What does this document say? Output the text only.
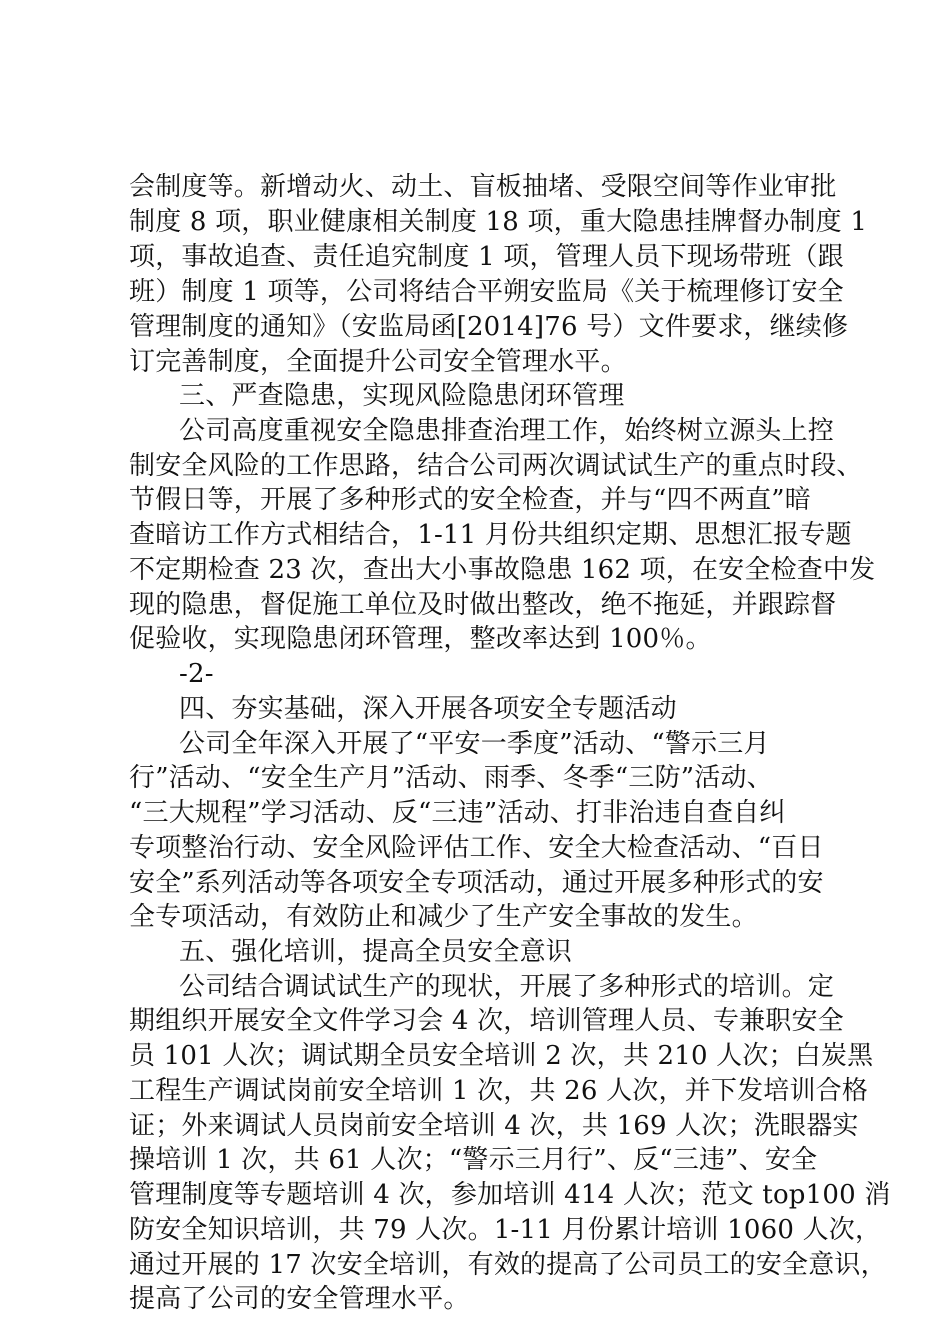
会制度等。新增动火、动土、盲板抽堵、受限空间等作业审批
制度 8 项，职业健康相关制度 18 项，重大隐患挂牌督办制度 1
项，事故追查、责任追究制度 1 项，管理人员下现场带班（跟
班）制度 1 项等，公司将结合平朔安监局《关于梳理修订安全
管理制度的通知》（安监局函[2014]76 号）文件要求，继续修
订完善制度，全面提升公司安全管理水平。
三、严查隐患，实现风险隐患闭环管理
公司高度重视安全隐患排查治理工作，始终树立源头上控
制安全风险的工作思路，结合公司两次调试试生产的重点时段、
节假日等，开展了多种形式的安全检查，并与“四不两直”暗
查暗访工作方式相结合，1-11 月份共组织定期、思想汇报专题
不定期检查 23 次，查出大小事故隐患 162 项，在安全检查中发
现的隐患，督促施工单位及时做出整改，绝不拖延，并跟踪督
促验收，实现隐患闭环管理，整改率达到 100％。
-2-
四、夯实基础，深入开展各项安全专题活动
公司全年深入开展了“平安一季度”活动、“警示三月
行”活动、“安全生产月”活动、雨季、冬季“三防”活动、
“三大规程”学习活动、反“三违”活动、打非治违自查自纠
专项整治行动、安全风险评估工作、安全大检查活动、“百日
安全”系列活动等各项安全专项活动，通过开展多种形式的安
全专项活动，有效防止和减少了生产安全事故的发生。
五、强化培训，提高全员安全意识
公司结合调试试生产的现状，开展了多种形式的培训。定
期组织开展安全文件学习会 4 次，培训管理人员、专兼职安全
员 101 人次；调试期全员安全培训 2 次，共 210 人次；白炭黑
工程生产调试岗前安全培训 1 次，共 26 人次，并下发培训合格
证；外来调试人员岗前安全培训 4 次，共 169 人次；洗眼器实
操培训 1 次，共 61 人次；“警示三月行”、反“三违”、安全
管理制度等专题培训 4 次，参加培训 414 人次；范文 top100 消
防安全知识培训，共 79 人次。1-11 月份累计培训 1060 人次，
通过开展的 17 次安全培训，有效的提高了公司员工的安全意识，
提高了公司的安全管理水平。
